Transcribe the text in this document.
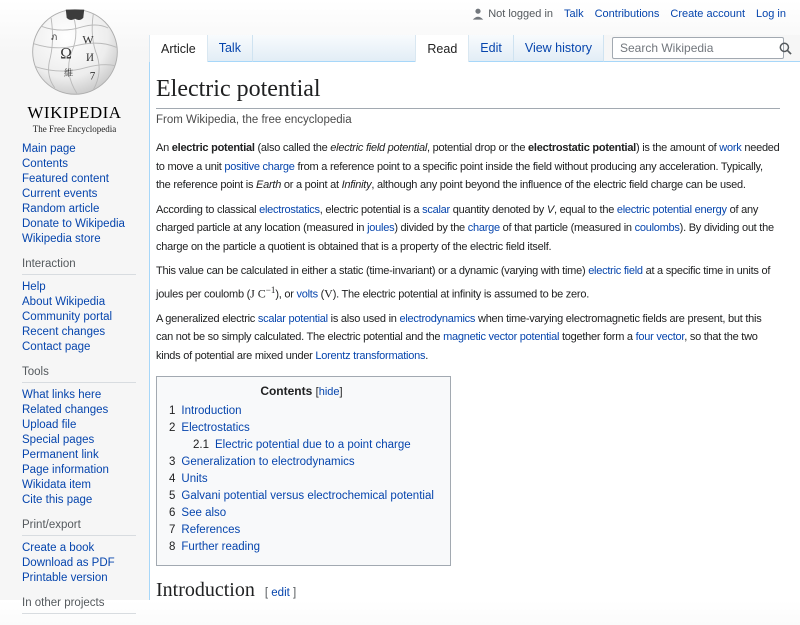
Not logged in Talk Contributions Create account Log in
Ω
W
И
7
維
ภ
WIKIPEDIA
The Free Encyclopedia
Main page
Contents
Featured content
Current events
Random article
Donate to Wikipedia
Wikipedia store
Interaction
Help
About Wikipedia
Community portal
Recent changes
Contact page
Tools
What links here
Related changes
Upload file
Special pages
Permanent link
Page information
Wikidata item
Cite this page
Print/export
Create a book
Download as PDF
Printable version
In other projects
Article Talk	Read Edit View history
Search Wikipedia
Electric potential
From Wikipedia, the free encyclopedia

An electric potential (also called the electric field potential, potential drop or the electrostatic potential) is the amount of work needed to move a unit positive charge from a reference point to a specific point inside the field without producing any acceleration. Typically, the reference point is Earth or a point at Infinity, although any point beyond the influence of the electric field charge can be used.

According to classical electrostatics, electric potential is a scalar quantity denoted by V, equal to the electric potential energy of any charged particle at any location (measured in joules) divided by the charge of that particle (measured in coulombs). By dividing out the charge on the particle a quotient is obtained that is a property of the electric field itself.

This value can be calculated in either a static (time-invariant) or a dynamic (varying with time) electric field at a specific time in units of joules per coulomb (J $C^{-1}$), or volts (V). The electric potential at infinity is assumed to be zero.

A generalized electric scalar potential is also used in electrodynamics when time-varying electromagnetic fields are present, but this can not be so simply calculated. The electric potential and the magnetic vector potential together form a four vector, so that the two kinds of potential are mixed under Lorentz transformations.

Contents [hide]
1 Introduction
2 Electrostatics
2.1 Electric potential due to a point charge
3 Generalization to electrodynamics
4 Units
5 Galvani potential versus electrochemical potential
6 See also
7 References
8 Further reading
Introduction [ edit ]
